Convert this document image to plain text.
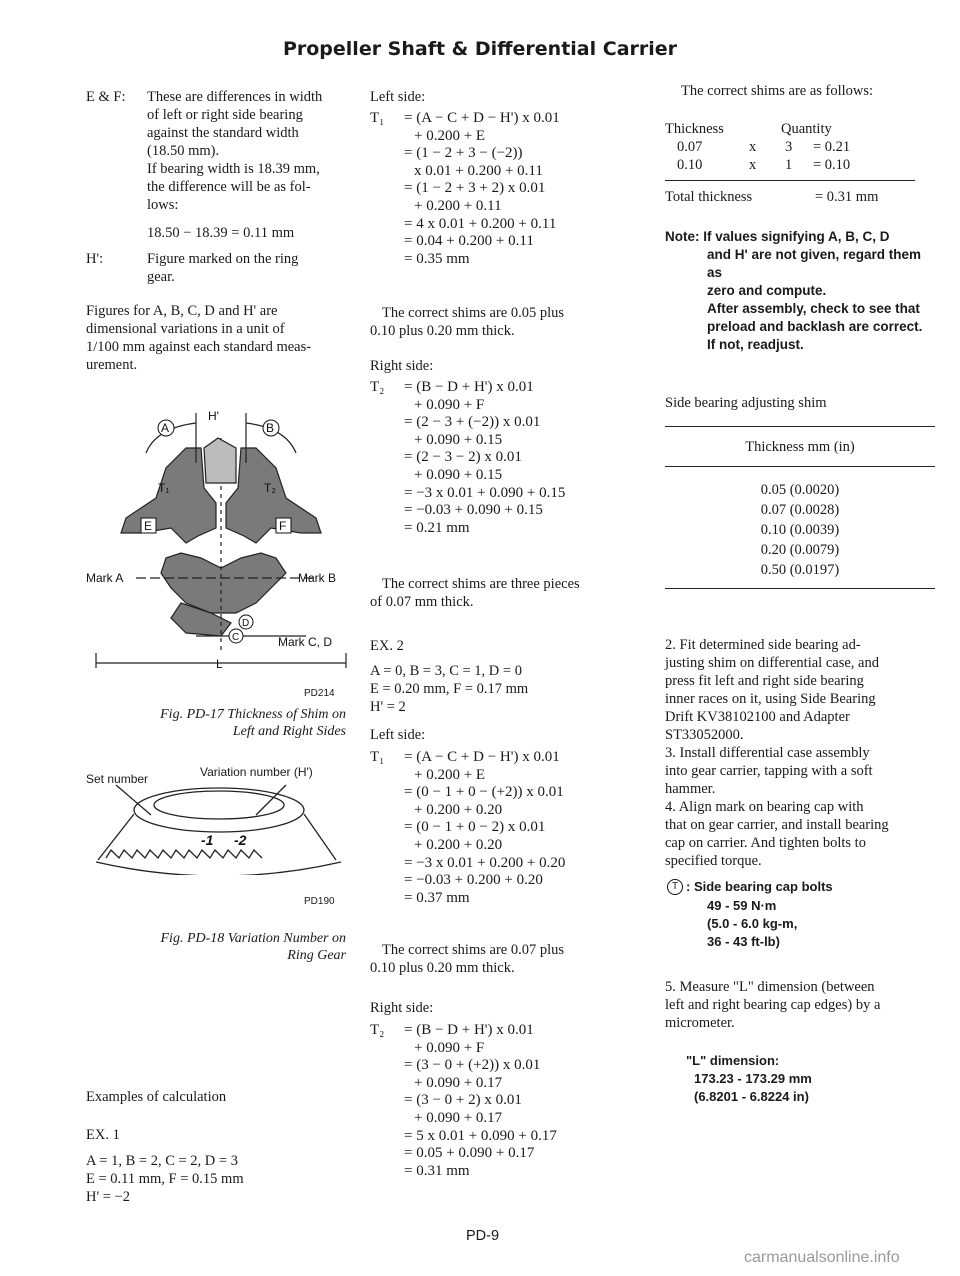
Propeller Shaft & Differential Carrier
E & F: These are differences in width
of left or right side bearing
against the standard width
(18.50 mm).
If bearing width is 18.39 mm,
the difference will be as fol-
lows:
18.50 − 18.39 = 0.11 mm
H':	Figure marked on the ring
gear.
Figures for A, B, C, D and H' are
dimensional variations in a unit of
1/100 mm against each standard meas-
urement.
A	B
H'
T₁	T₂
E	F
Mark A	Mark B
D
C	Mark C, D
L
PD214
Fig. PD-17 Thickness of Shim on
Left and Right Sides
Set number	Variation number (H')
-1 -2
PD190
Fig. PD-18 Variation Number on
Ring Gear
Examples of calculation
EX. 1
A = 1, B = 2, C = 2, D = 3
E = 0.11 mm, F = 0.15 mm
H' = −2
Left side:
T₁	= (A − C + D − H') x 0.01
+ 0.200 + E
= (1 − 2 + 3 − (−2))
x 0.01 + 0.200 + 0.11
= (1 − 2 + 3 + 2) x 0.01
+ 0.200 + 0.11
= 4 x 0.01 + 0.200 + 0.11
= 0.04 + 0.200 + 0.11
= 0.35 mm
The correct shims are 0.05 plus
0.10 plus 0.20 mm thick.
Right side:
T₂	= (B − D + H') x 0.01
+ 0.090 + F
= (2 − 3 + (−2)) x 0.01
+ 0.090 + 0.15
= (2 − 3 − 2) x 0.01
+ 0.090 + 0.15
= −3 x 0.01 + 0.090 + 0.15
= −0.03 + 0.090 + 0.15
= 0.21 mm
The correct shims are three pieces
of 0.07 mm thick.
EX. 2
A = 0, B = 3, C = 1, D = 0
E = 0.20 mm, F = 0.17 mm
H' = 2
Left side:
T₁	= (A − C + D − H') x 0.01
+ 0.200 + E
= (0 − 1 + 0 − (+2)) x 0.01
+ 0.200 + 0.20
= (0 − 1 + 0 − 2) x 0.01
+ 0.200 + 0.20
= −3 x 0.01 + 0.200 + 0.20
= −0.03 + 0.200 + 0.20
= 0.37 mm
The correct shims are 0.07 plus
0.10 plus 0.20 mm thick.
Right side:
T₂	= (B − D + H') x 0.01
+ 0.090 + F
= (3 − 0 + (+2)) x 0.01
+ 0.090 + 0.17
= (3 − 0 + 2) x 0.01
+ 0.090 + 0.17
= 5 x 0.01 + 0.090 + 0.17
= 0.05 + 0.090 + 0.17
= 0.31 mm
PD-9
The correct shims are as follows:
Thickness	Quantity
0.07	x	3	= 0.21
0.10	x	1	= 0.10
Total thickness	= 0.31 mm
Note: If values signifying A, B, C, D
and H' are not given, regard them as
zero and compute.
After assembly, check to see that
preload and backlash are correct.
If not, readjust.
Side bearing adjusting shim
Thickness mm (in)
0.05 (0.0020)
0.07 (0.0028)
0.10 (0.0039)
0.20 (0.0079)
0.50 (0.0197)
2. Fit determined side bearing ad-
justing shim on differential case, and
press fit left and right side bearing
inner races on it, using Side Bearing
Drift KV38102100 and Adapter
ST33052000.
3. Install differential case assembly
into gear carrier, tapping with a soft
hammer.
4. Align mark on bearing cap with
that on gear carrier, and install bearing
cap on carrier. And tighten bolts to
specified torque.
T : Side bearing cap bolts
49 - 59 N·m
(5.0 - 6.0 kg-m,
36 - 43 ft-lb)
5. Measure "L" dimension (between
left and right bearing cap edges) by a
micrometer.
"L" dimension:
173.23 - 173.29 mm
(6.8201 - 6.8224 in)
carmanualsonline.info
